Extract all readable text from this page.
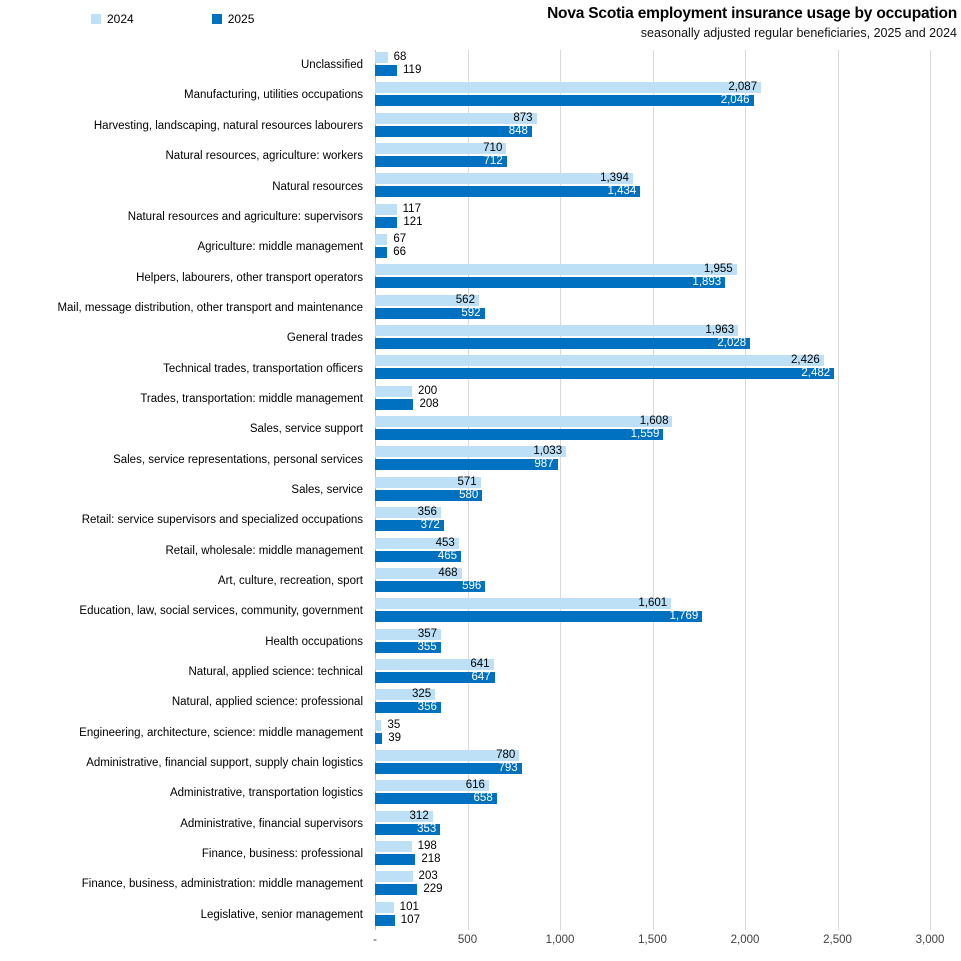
2024	2025	Nova Scotia employment insurance usage by occupation
seasonally adjusted regular beneficiaries, 2025 and 2024
Unclassified
68
119
Manufacturing, utilities occupations
2,087
2,046
Harvesting, landscaping, natural resources labourers
873
848
Natural resources, agriculture: workers
710
712
Natural resources
1,394
1,434
Natural resources and agriculture: supervisors
117
121
Agriculture: middle management
67
66
Helpers, labourers, other transport operators
1,955
1,893
Mail, message distribution, other transport and maintenance
562
592
General trades
1,963
2,028
Technical trades, transportation officers
2,426
2,482
Trades, transportation: middle management
200
208
Sales, service support
1,608
1,559
Sales, service representations, personal services
1,033
987
Sales, service
571
580
Retail: service supervisors and specialized occupations
356
372
Retail, wholesale: middle management
453
465
Art, culture, recreation, sport
468
596
Education, law, social services, community, government
1,601
1,769
Health occupations
357
355
Natural, applied science: technical
641
647
Natural, applied science: professional
325
356
Engineering, architecture, science: middle management
35
39
Administrative, financial support, supply chain logistics
780
793
Administrative, transportation logistics
616
658
Administrative, financial supervisors
312
353
Finance, business: professional
198
218
Finance, business, administration: middle management
203
229
Legislative, senior management
101
107
-	500	1,000	1,500	2,000	2,500	3,000
